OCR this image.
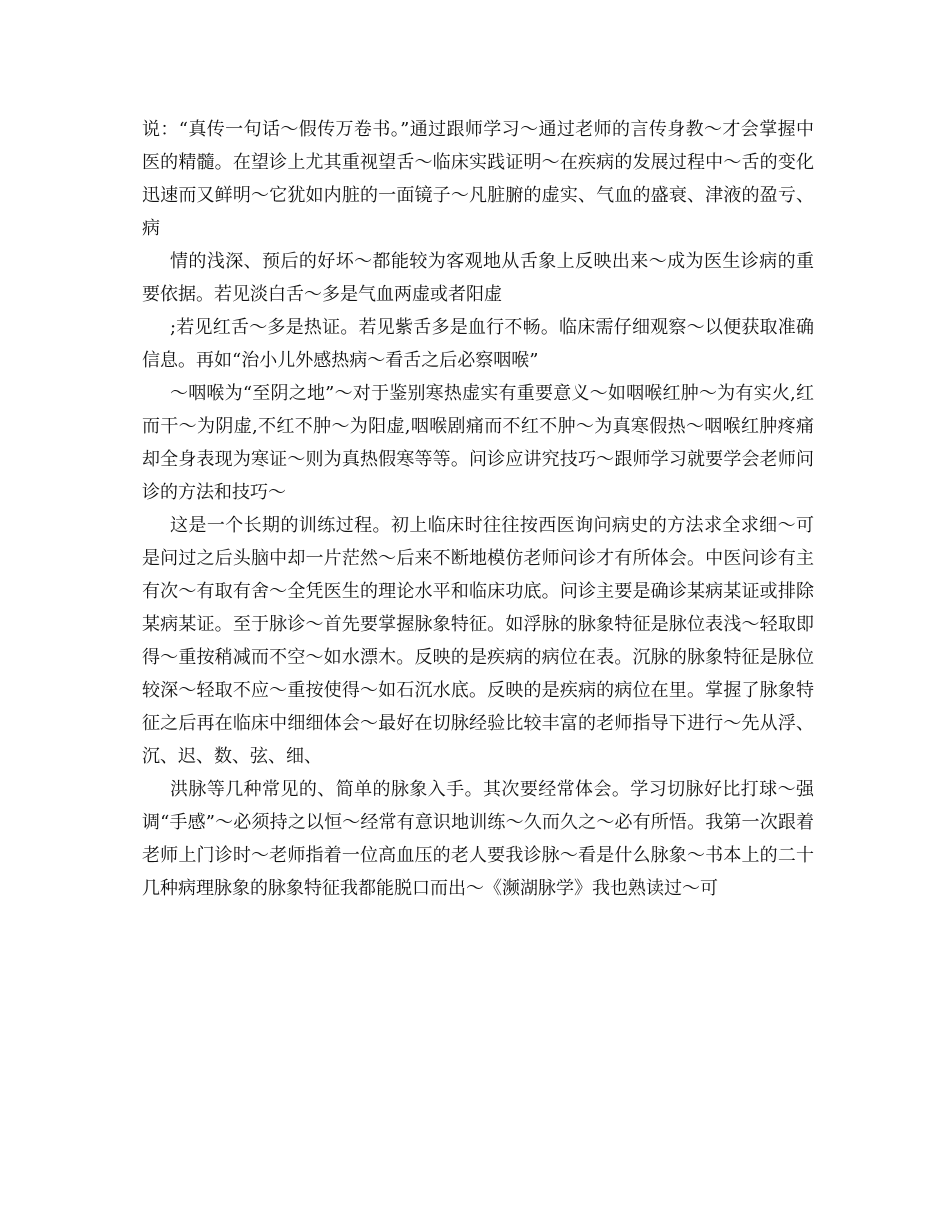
说：“真传一句话～假传万卷书。”通过跟师学习～通过老师的言传身教～才会掌握中医的精髓。在望诊上尤其重视望舌～临床实践证明～在疾病的发展过程中～舌的变化迅速而又鲜明～它犹如内脏的一面镜子～凡脏腑的虚实、气血的盛衰、津液的盈亏、病

情的浅深、预后的好坏～都能较为客观地从舌象上反映出来～成为医生诊病的重要依据。若见淡白舌～多是气血两虚或者阳虚

;若见红舌～多是热证。若见紫舌多是血行不畅。临床需仔细观察～以便获取准确信息。再如“治小儿外感热病～看舌之后必察咽喉”

～咽喉为“至阴之地”～对于鉴别寒热虚实有重要意义～如咽喉红肿～为有实火,红而干～为阴虚,不红不肿～为阳虚,咽喉剧痛而不红不肿～为真寒假热～咽喉红肿疼痛却全身表现为寒证～则为真热假寒等等。问诊应讲究技巧～跟师学习就要学会老师问诊的方法和技巧～

这是一个长期的训练过程。初上临床时往往按西医询问病史的方法求全求细～可是问过之后头脑中却一片茫然～后来不断地模仿老师问诊才有所体会。中医问诊有主有次～有取有舍～全凭医生的理论水平和临床功底。问诊主要是确诊某病某证或排除某病某证。至于脉诊～首先要掌握脉象特征。如浮脉的脉象特征是脉位表浅～轻取即得～重按稍减而不空～如水漂木。反映的是疾病的病位在表。沉脉的脉象特征是脉位较深～轻取不应～重按使得～如石沉水底。反映的是疾病的病位在里。掌握了脉象特征之后再在临床中细细体会～最好在切脉经验比较丰富的老师指导下进行～先从浮、沉、迟、数、弦、细、

洪脉等几种常见的、简单的脉象入手。其次要经常体会。学习切脉好比打球～强调“手感”～必须持之以恒～经常有意识地训练～久而久之～必有所悟。我第一次跟着老师上门诊时～老师指着一位高血压的老人要我诊脉～看是什么脉象～书本上的二十几种病理脉象的脉象特征我都能脱口而出～《濒湖脉学》我也熟读过～可
